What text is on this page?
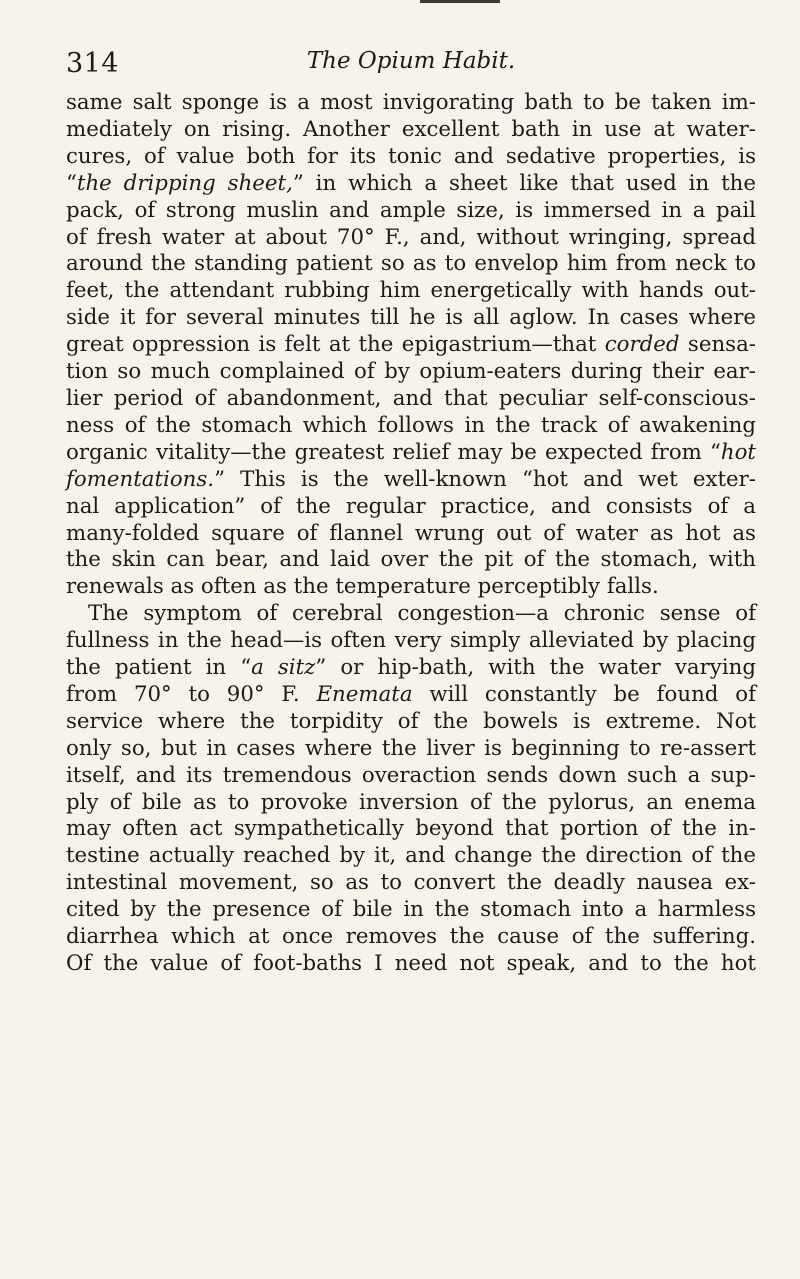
314	The Opium Habit.
same salt sponge is a most invigorating bath to be taken im-
mediately on rising. Another excellent bath in use at water-
cures, of value both for its tonic and sedative properties, is
“the dripping sheet,” in which a sheet like that used in the
pack, of strong muslin and ample size, is immersed in a pail
of fresh water at about 70° F., and, without wringing, spread
around the standing patient so as to envelop him from neck to
feet, the attendant rubbing him energetically with hands out-
side it for several minutes till he is all aglow. In cases where
great oppression is felt at the epigastrium—that corded sensa-
tion so much complained of by opium-eaters during their ear-
lier period of abandonment, and that peculiar self-conscious-
ness of the stomach which follows in the track of awakening
organic vitality—the greatest relief may be expected from “hot
fomentations.” This is the well-known “hot and wet exter-
nal application” of the regular practice, and consists of a
many-folded square of flannel wrung out of water as hot as
the skin can bear, and laid over the pit of the stomach, with
renewals as often as the temperature perceptibly falls.
The symptom of cerebral congestion—a chronic sense of
fullness in the head—is often very simply alleviated by placing
the patient in “a sitz” or hip-bath, with the water varying
from 70° to 90° F. Enemata will constantly be found of
service where the torpidity of the bowels is extreme. Not
only so, but in cases where the liver is beginning to re-assert
itself, and its tremendous overaction sends down such a sup-
ply of bile as to provoke inversion of the pylorus, an enema
may often act sympathetically beyond that portion of the in-
testine actually reached by it, and change the direction of the
intestinal movement, so as to convert the deadly nausea ex-
cited by the presence of bile in the stomach into a harmless
diarrhea which at once removes the cause of the suffering.
Of the value of foot-baths I need not speak, and to the hot
